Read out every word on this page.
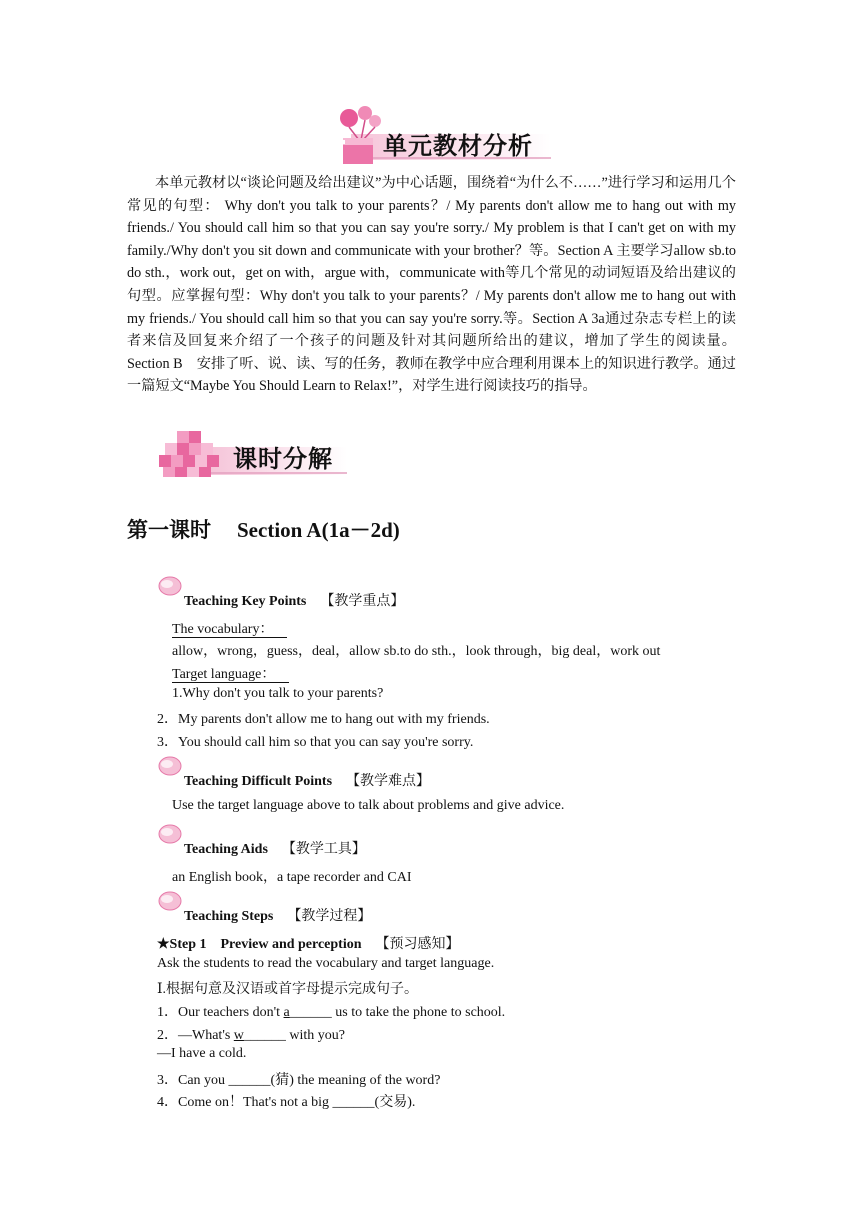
单元教材分析

本单元教材以“谈论问题及给出建议”为中心话题，围绕着“为什么不……”进行学习和运用几个常见的句型： Why don't you talk to your parents？/ My parents don't allow me to hang out with my friends./ You should call him so that you can say you're sorry./ My problem is that I can't get on with my family./Why don't you sit down and communicate with your brother？等。Section A 主要学习allow sb.to do sth.，work out，get on with，argue with，communicate with等几个常见的动词短语及给出建议的句型。应掌握句型：Why don't you talk to your parents？/ My parents don't allow me to hang out with my friends./ You should call him so that you can say you're sorry.等。Section A 3a通过杂志专栏上的读者来信及回复来介绍了一个孩子的问题及针对其问题所给出的建议，增加了学生的阅读量。Section B　安排了听、说、读、写的任务，教师在教学中应合理利用课本上的知识进行教学。通过一篇短文“Maybe You Should Learn to Relax!”，对学生进行阅读技巧的指导。

课时分解
第一课时 Section A(1a－2d)
Teaching Key Points 【教学重点】
The vocabulary：
allow，wrong，guess，deal，allow sb.to do sth.，look through，big deal，work out
Target language：
1.Why don't you talk to your parents?
2．My parents don't allow me to hang out with my friends.
3．You should call him so that you can say you're sorry.
Teaching Difficult Points 【教学难点】
Use the target language above to talk about problems and give advice.
Teaching Aids 【教学工具】
an English book，a tape recorder and CAI
Teaching Steps 【教学过程】
★Step 1　Preview and perception 【预习感知】
Ask the students to read the vocabulary and target language.
Ⅰ.根据句意及汉语或首字母提示完成句子。
1．Our teachers don't a______ us to take the phone to school.
2．—What's w______ with you?
—I have a cold.
3．Can you ______(猜) the meaning of the word?
4．Come on！That's not a big ______(交易).
